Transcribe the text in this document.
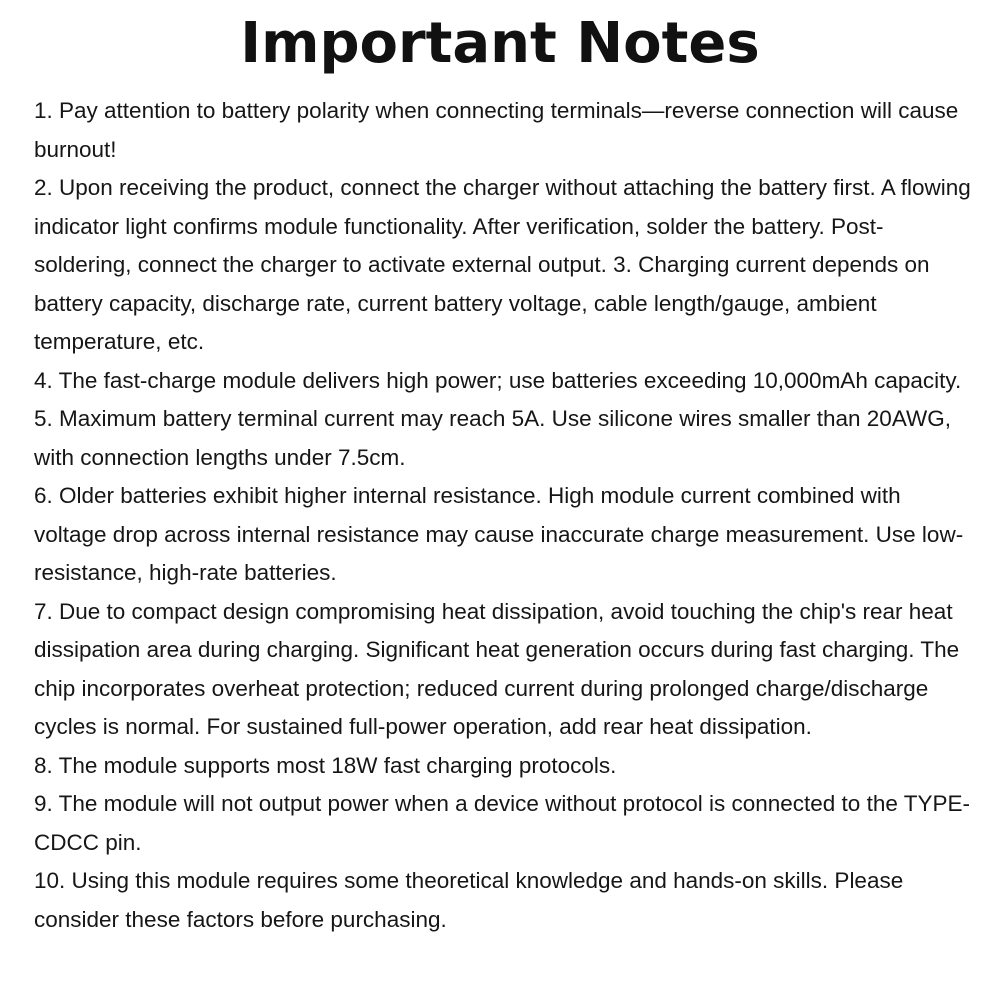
Important Notes
1. Pay attention to battery polarity when connecting terminals—reverse connection will cause burnout!
2. Upon receiving the product, connect the charger without attaching the battery first. A flowing indicator light confirms module functionality. After verification, solder the battery. Post-soldering, connect the charger to activate external output. 3. Charging current depends on battery capacity, discharge rate, current battery voltage, cable length/gauge, ambient temperature, etc.
4. The fast-charge module delivers high power; use batteries exceeding 10,000mAh capacity. 5. Maximum battery terminal current may reach 5A. Use silicone wires smaller than 20AWG, with connection lengths under 7.5cm.
6. Older batteries exhibit higher internal resistance. High module current combined with voltage drop across internal resistance may cause inaccurate charge measurement. Use low-resistance, high-rate batteries.
7. Due to compact design compromising heat dissipation, avoid touching the chip's rear heat dissipation area during charging. Significant heat generation occurs during fast charging. The chip incorporates overheat protection; reduced current during prolonged charge/discharge cycles is normal. For sustained full-power operation, add rear heat dissipation.
8. The module supports most 18W fast charging protocols.
9. The module will not output power when a device without protocol is connected to the TYPE-CDCC pin.
10. Using this module requires some theoretical knowledge and hands-on skills. Please consider these factors before purchasing.
